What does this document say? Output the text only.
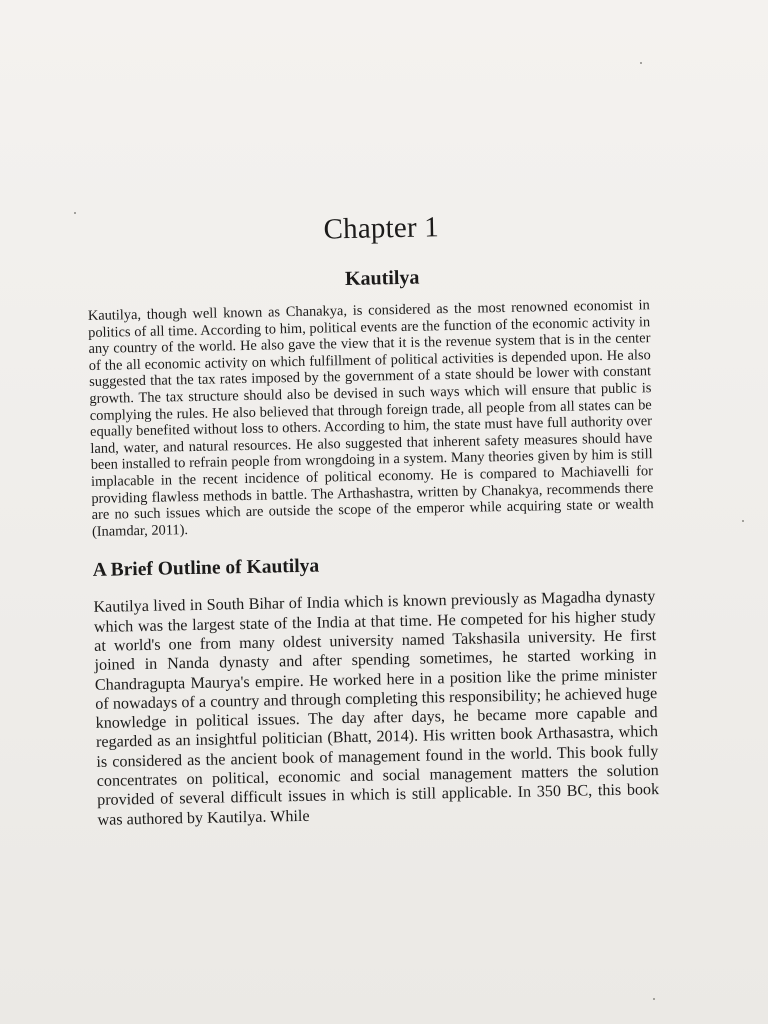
Chapter 1
Kautilya

Kautilya, though well known as Chanakya, is considered as the most renowned economist in politics of all time. According to him, political events are the function of the economic activity in any country of the world. He also gave the view that it is the revenue system that is in the center of the all economic activity on which fulfillment of political activities is depended upon. He also suggested that the tax rates imposed by the government of a state should be lower with constant growth. The tax structure should also be devised in such ways which will ensure that public is complying the rules. He also believed that through foreign trade, all people from all states can be equally benefited without loss to others. According to him, the state must have full authority over land, water, and natural resources. He also suggested that inherent safety measures should have been installed to refrain people from wrongdoing in a system. Many theories given by him is still implacable in the recent incidence of political economy. He is compared to Machiavelli for providing flawless methods in battle. The Arthashastra, written by Chanakya, recommends there are no such issues which are outside the scope of the emperor while acquiring state or wealth (Inamdar, 2011).

A Brief Outline of Kautilya

Kautilya lived in South Bihar of India which is known previously as Magadha dynasty which was the largest state of the India at that time. He competed for his higher study at world's one from many oldest university named Takshasila university. He first joined in Nanda dynasty and after spending sometimes, he started working in Chandragupta Maurya's empire. He worked here in a position like the prime minister of nowadays of a country and through completing this responsibility; he achieved huge knowledge in political issues. The day after days, he became more capable and regarded as an insightful politician (Bhatt, 2014). His written book Arthasastra, which is considered as the ancient book of management found in the world. This book fully concentrates on political, economic and social management matters the solution provided of several difficult issues in which is still applicable. In 350 BC, this book was authored by Kautilya. While
